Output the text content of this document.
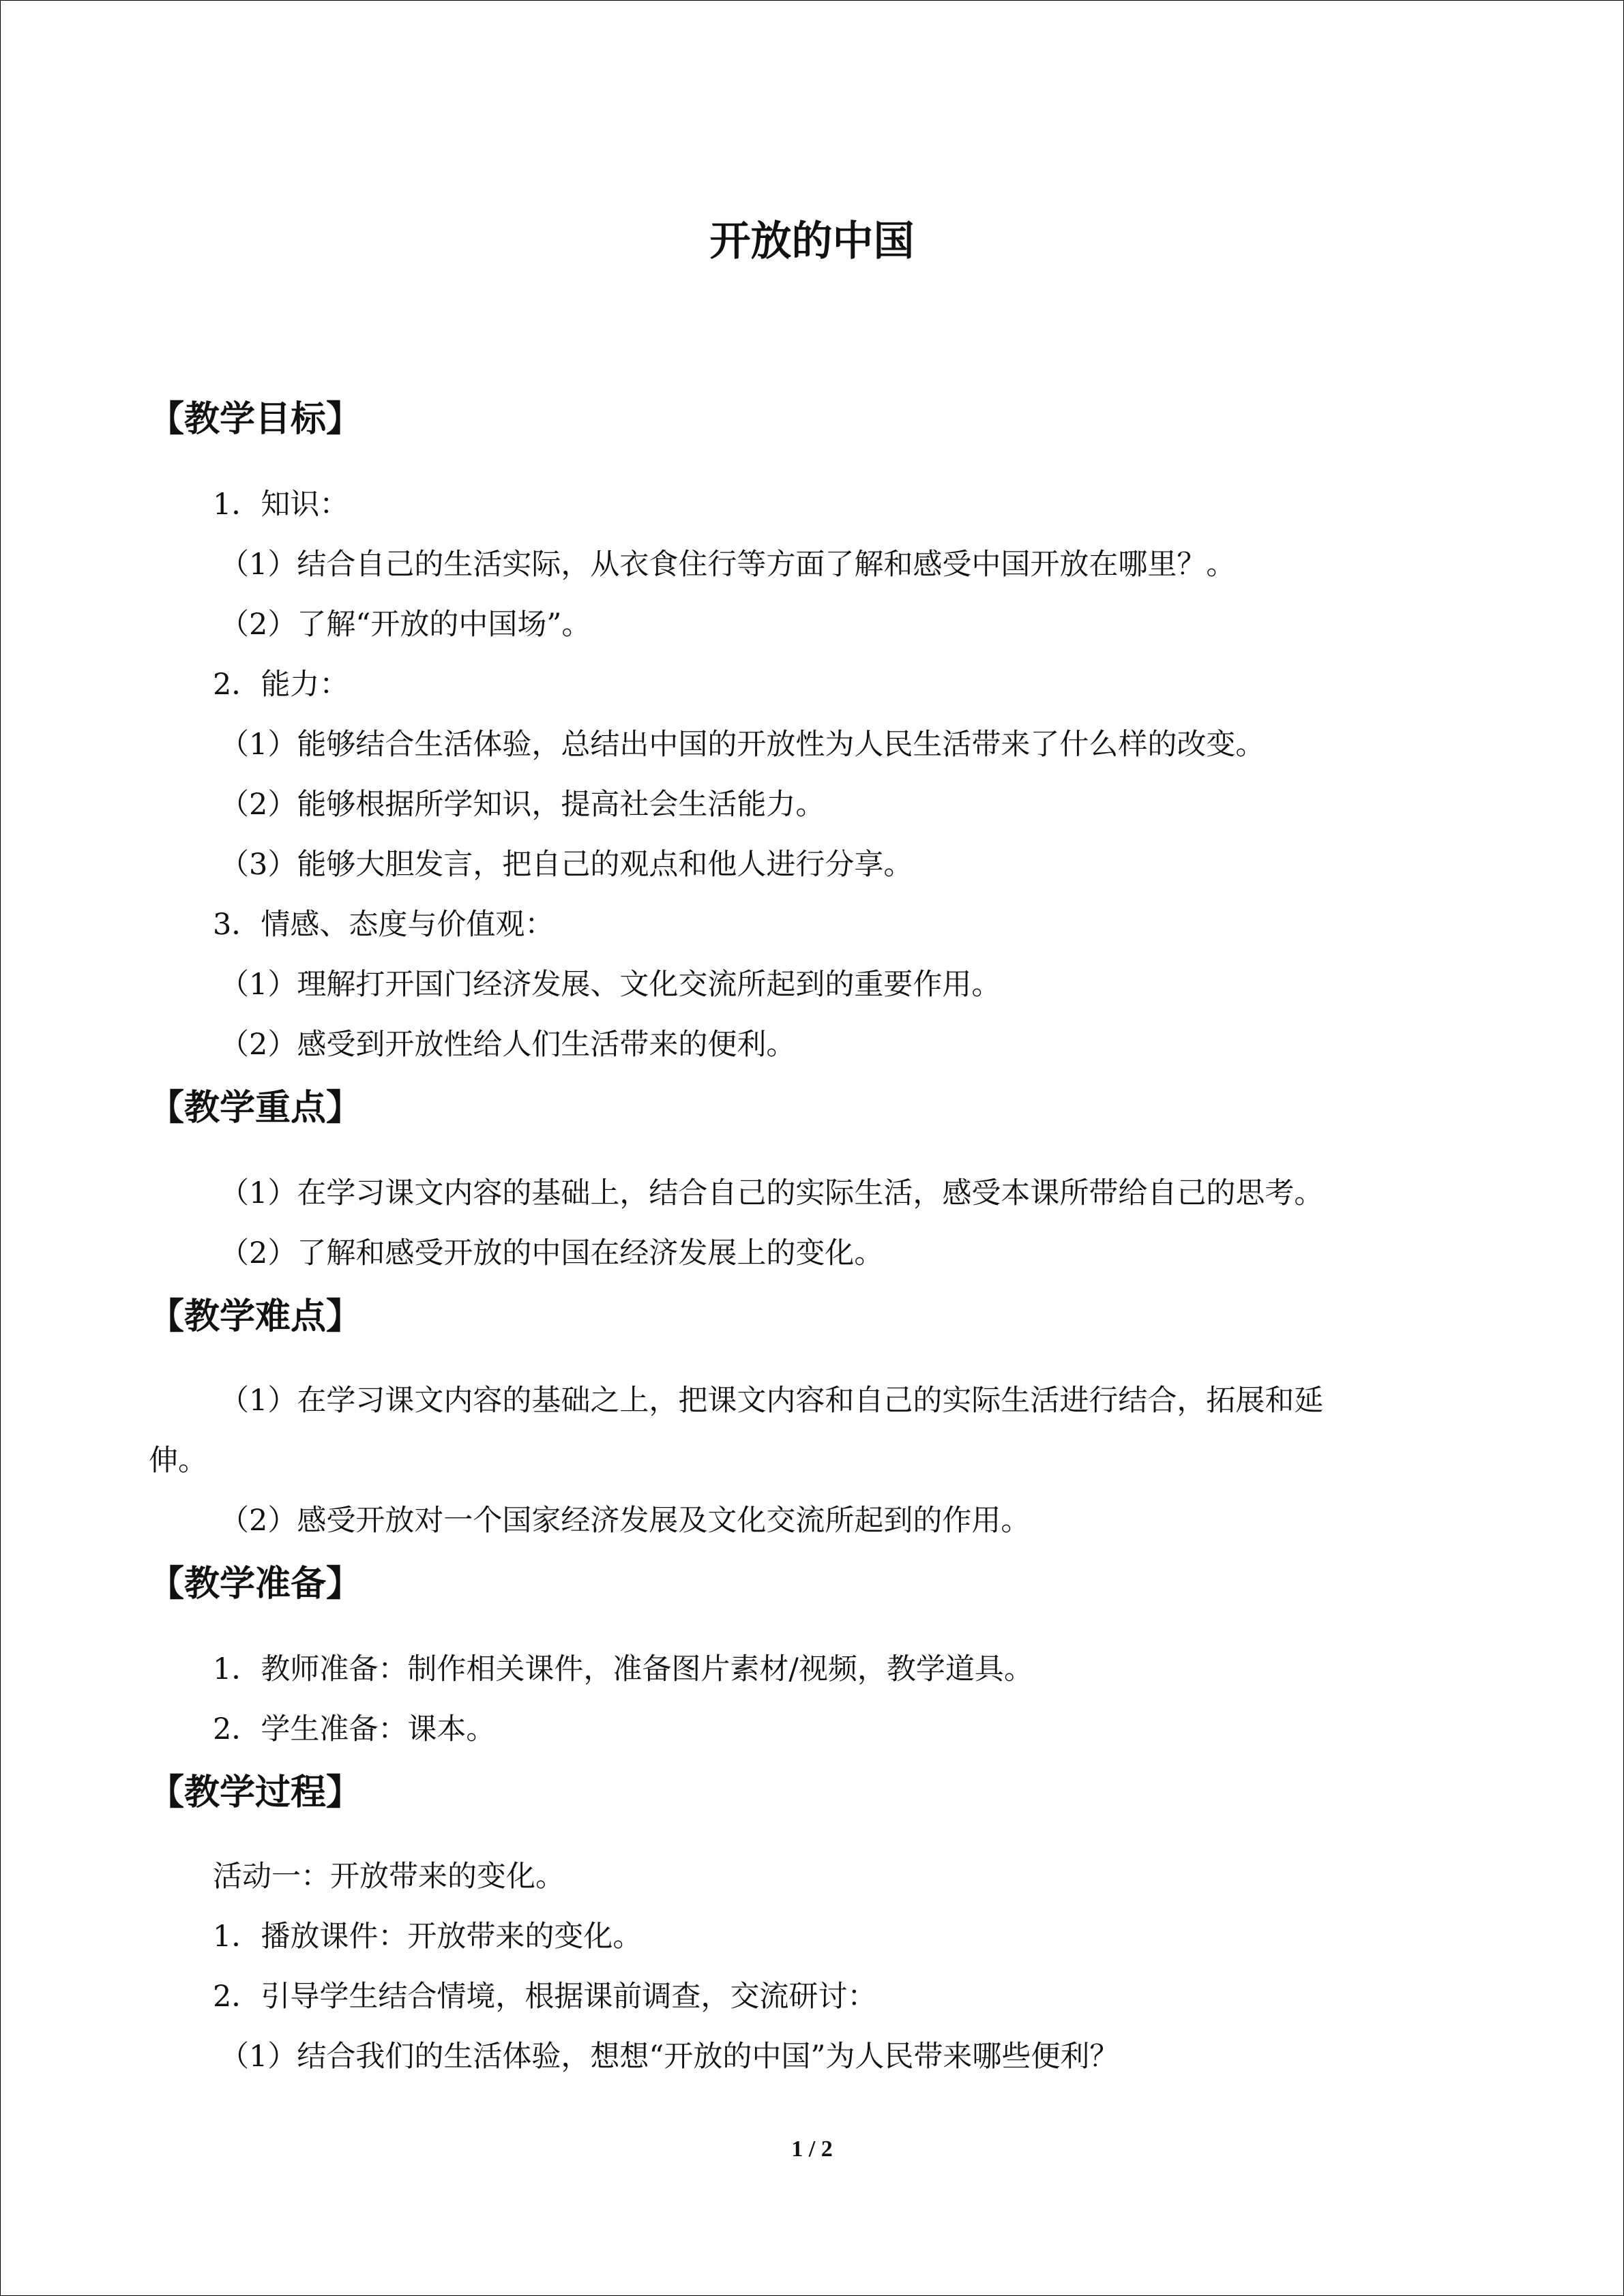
开放的中国
【教学目标】

1．知识：

（1）结合自己的生活实际，从衣食住行等方面了解和感受中国开放在哪里？。

（2）了解“开放的中国场”。

2．能力：

（1）能够结合生活体验，总结出中国的开放性为人民生活带来了什么样的改变。

（2）能够根据所学知识，提高社会生活能力。

（3）能够大胆发言，把自己的观点和他人进行分享。

3．情感、态度与价值观：

（1）理解打开国门经济发展、文化交流所起到的重要作用。

（2）感受到开放性给人们生活带来的便利。

【教学重点】

（1）在学习课文内容的基础上，结合自己的实际生活，感受本课所带给自己的思考。

（2）了解和感受开放的中国在经济发展上的变化。

【教学难点】

（1）在学习课文内容的基础之上，把课文内容和自己的实际生活进行结合，拓展和延

伸。

（2）感受开放对一个国家经济发展及文化交流所起到的作用。

【教学准备】

1．教师准备：制作相关课件，准备图片素材/视频，教学道具。

2．学生准备：课本。

【教学过程】

活动一：开放带来的变化。

1．播放课件：开放带来的变化。

2．引导学生结合情境，根据课前调查，交流研讨：

（1）结合我们的生活体验，想想“开放的中国”为人民带来哪些便利？

1 / 2
